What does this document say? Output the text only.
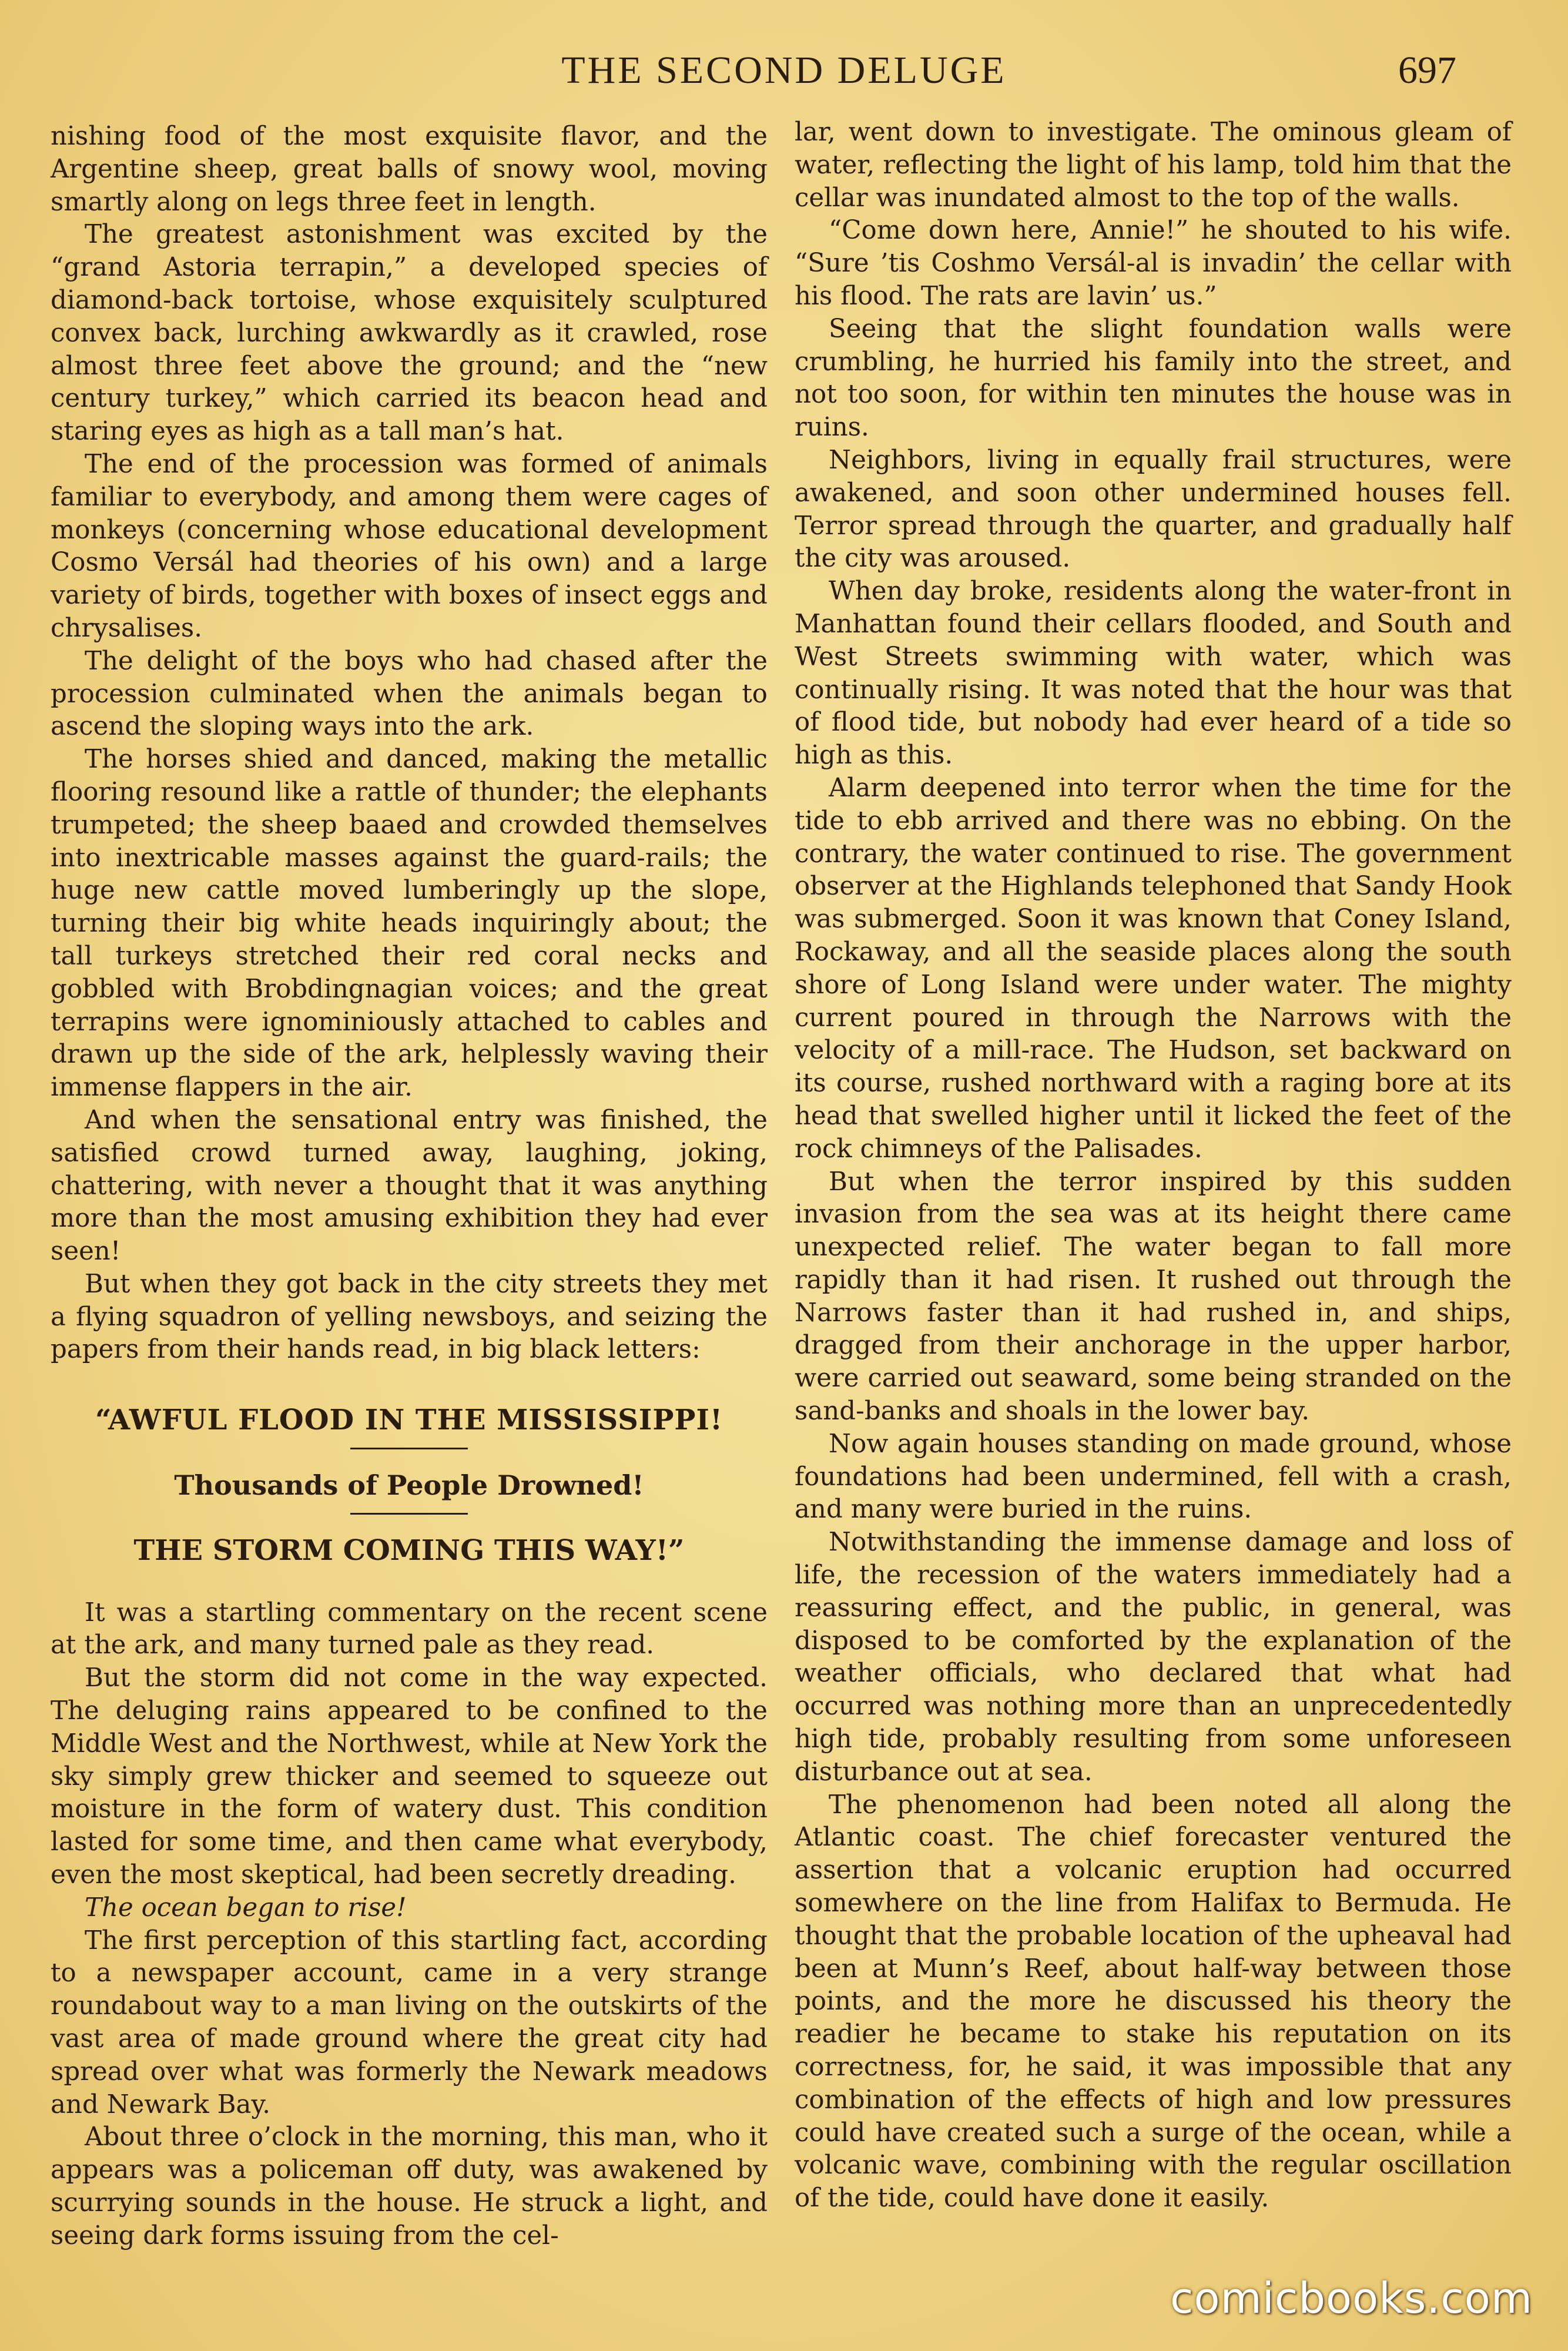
THE SECOND DELUGE	697

nishing food of the most exquisite flavor, and the Argentine sheep, great balls of snowy wool, moving smartly along on legs three feet in length.

The greatest astonishment was excited by the “grand Astoria terrapin,” a developed species of diamond-back tortoise, whose exquisitely sculptured convex back, lurching awkwardly as it crawled, rose almost three feet above the ground; and the “new century turkey,” which carried its beacon head and staring eyes as high as a tall man’s hat.

The end of the procession was formed of animals familiar to everybody, and among them were cages of monkeys (concerning whose educational development Cosmo Versál had theories of his own) and a large variety of birds, together with boxes of insect eggs and chrysalises.

The delight of the boys who had chased after the procession culminated when the animals began to ascend the sloping ways into the ark.

The horses shied and danced, making the metallic flooring resound like a rattle of thunder; the elephants trumpeted; the sheep baaed and crowded themselves into inextricable masses against the guard-rails; the huge new cattle moved lumberingly up the slope, turning their big white heads inquiringly about; the tall turkeys stretched their red coral necks and gobbled with Brobdingnagian voices; and the great terrapins were ignominiously attached to cables and drawn up the side of the ark, helplessly waving their immense flappers in the air.

And when the sensational entry was finished, the satisfied crowd turned away, laughing, joking, chattering, with never a thought that it was anything more than the most amusing exhibition they had ever seen!

But when they got back in the city streets they met a flying squadron of yelling newsboys, and seizing the papers from their hands read, in big black letters:

“AWFUL FLOOD IN THE MISSISSIPPI!
Thousands of People Drowned!
THE STORM COMING THIS WAY!”

It was a startling commentary on the recent scene at the ark, and many turned pale as they read.

But the storm did not come in the way expected. The deluging rains appeared to be confined to the Middle West and the Northwest, while at New York the sky simply grew thicker and seemed to squeeze out moisture in the form of watery dust. This condition lasted for some time, and then came what everybody, even the most skeptical, had been secretly dreading.

The ocean began to rise!

The first perception of this startling fact, according to a newspaper account, came in a very strange roundabout way to a man living on the outskirts of the vast area of made ground where the great city had spread over what was formerly the Newark meadows and Newark Bay.

About three o’clock in the morning, this man, who it appears was a policeman off duty, was awakened by scurrying sounds in the house. He struck a light, and seeing dark forms issuing from the cel-

lar, went down to investigate. The ominous gleam of water, reflecting the light of his lamp, told him that the cellar was inundated almost to the top of the walls.

“Come down here, Annie!” he shouted to his wife. “Sure ’tis Coshmo Versál-al is invadin’ the cellar with his flood. The rats are lavin’ us.”

Seeing that the slight foundation walls were crumbling, he hurried his family into the street, and not too soon, for within ten minutes the house was in ruins.

Neighbors, living in equally frail structures, were awakened, and soon other undermined houses fell. Terror spread through the quarter, and gradually half the city was aroused.

When day broke, residents along the water-front in Manhattan found their cellars flooded, and South and West Streets swimming with water, which was continually rising. It was noted that the hour was that of flood tide, but nobody had ever heard of a tide so high as this.

Alarm deepened into terror when the time for the tide to ebb arrived and there was no ebbing. On the contrary, the water continued to rise. The government observer at the Highlands telephoned that Sandy Hook was submerged. Soon it was known that Coney Island, Rockaway, and all the seaside places along the south shore of Long Island were under water. The mighty current poured in through the Narrows with the velocity of a mill-race. The Hudson, set backward on its course, rushed northward with a raging bore at its head that swelled higher until it licked the feet of the rock chimneys of the Palisades.

But when the terror inspired by this sudden invasion from the sea was at its height there came unexpected relief. The water began to fall more rapidly than it had risen. It rushed out through the Narrows faster than it had rushed in, and ships, dragged from their anchorage in the upper harbor, were carried out seaward, some being stranded on the sand-banks and shoals in the lower bay.

Now again houses standing on made ground, whose foundations had been undermined, fell with a crash, and many were buried in the ruins.

Notwithstanding the immense damage and loss of life, the recession of the waters immediately had a reassuring effect, and the public, in general, was disposed to be comforted by the explanation of the weather officials, who declared that what had occurred was nothing more than an unprecedentedly high tide, probably resulting from some unforeseen disturbance out at sea.

The phenomenon had been noted all along the Atlantic coast. The chief forecaster ventured the assertion that a volcanic eruption had occurred somewhere on the line from Halifax to Bermuda. He thought that the probable location of the upheaval had been at Munn’s Reef, about half-way between those points, and the more he discussed his theory the readier he became to stake his reputation on its correctness, for, he said, it was impossible that any combination of the effects of high and low pressures could have created such a surge of the ocean, while a volcanic wave, combining with the regular oscillation of the tide, could have done it easily.

comicbooks.com
